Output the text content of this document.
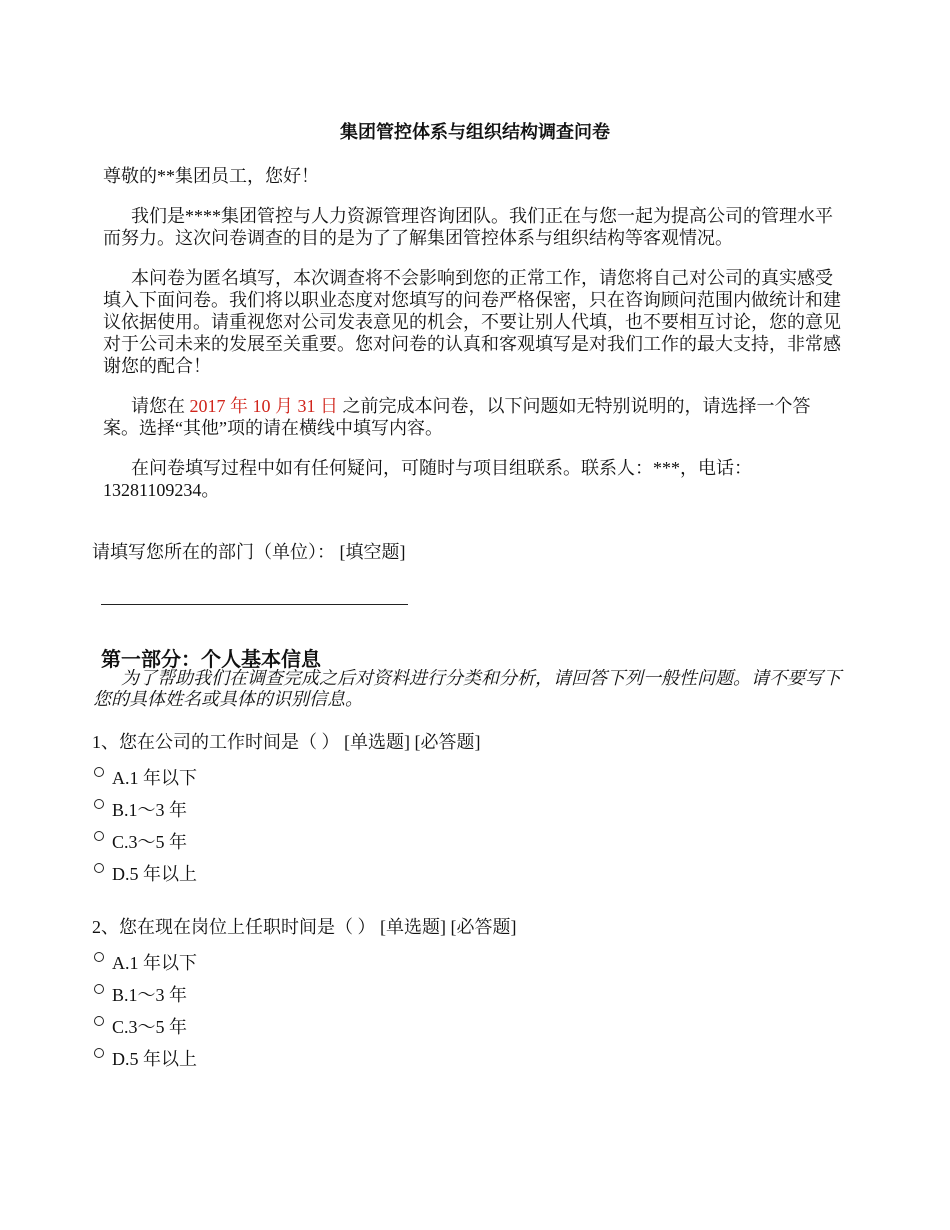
集团管控体系与组织结构调查问卷
尊敬的**集团员工，您好！
我们是****集团管控与人力资源管理咨询团队。我们正在与您一起为提高公司的管理水平而努力。这次问卷调查的目的是为了了解集团管控体系与组织结构等客观情况。
本问卷为匿名填写，本次调查将不会影响到您的正常工作，请您将自己对公司的真实感受填入下面问卷。我们将以职业态度对您填写的问卷严格保密，只在咨询顾问范围内做统计和建议依据使用。请重视您对公司发表意见的机会，不要让别人代填，也不要相互讨论，您的意见对于公司未来的发展至关重要。您对问卷的认真和客观填写是对我们工作的最大支持，非常感谢您的配合！
请您在 2017 年 10 月 31 日 之前完成本问卷，以下问题如无特别说明的，请选择一个答案。选择“其他”项的请在横线中填写内容。
在问卷填写过程中如有任何疑问，可随时与项目组联系。联系人：***，电话：13281109234。
请填写您所在的部门（单位）： [填空题]
第一部分：个人基本信息
为了帮助我们在调查完成之后对资料进行分类和分析，请回答下列一般性问题。请不要写下您的具体姓名或具体的识别信息。
1、您在公司的工作时间是（ ） [单选题] [必答题]
A.1 年以下
B.1～3 年
C.3～5 年
D.5 年以上
2、您在现在岗位上任职时间是（ ） [单选题] [必答题]
A.1 年以下
B.1～3 年
C.3～5 年
D.5 年以上
